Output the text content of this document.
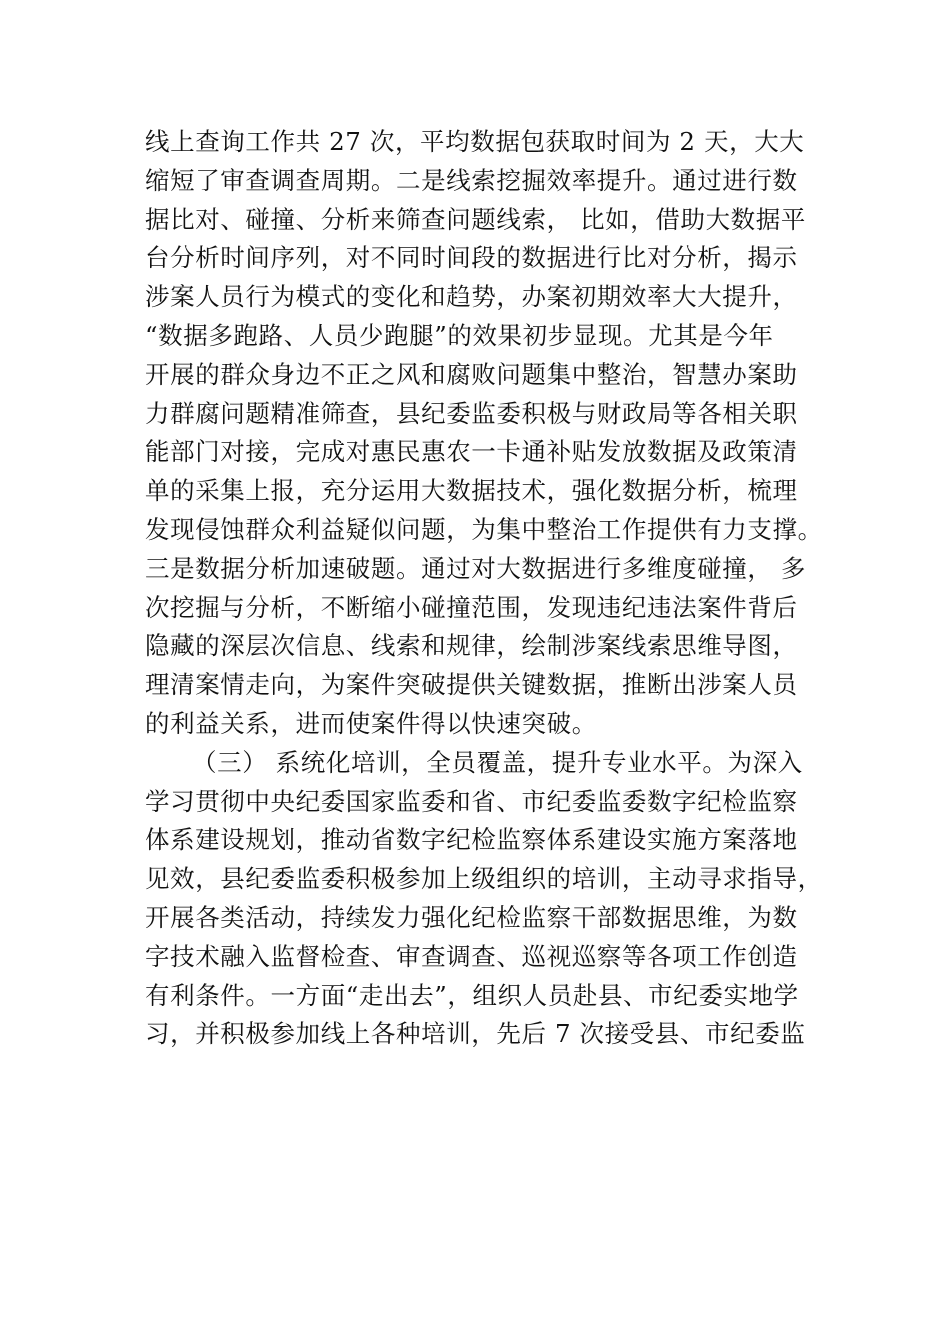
线上查询工作共 27 次，平均数据包获取时间为 2 天，大大
缩短了审查调查周期。二是线索挖掘效率提升。通过进行数
据比对、碰撞、分析来筛查问题线索， 比如，借助大数据平
台分析时间序列，对不同时间段的数据进行比对分析，揭示
涉案人员行为模式的变化和趋势，办案初期效率大大提升，
“数据多跑路、人员少跑腿”的效果初步显现。尤其是今年
开展的群众身边不正之风和腐败问题集中整治，智慧办案助
力群腐问题精准筛查，县纪委监委积极与财政局等各相关职
能部门对接，完成对惠民惠农一卡通补贴发放数据及政策清
单的采集上报，充分运用大数据技术，强化数据分析，梳理
发现侵蚀群众利益疑似问题，为集中整治工作提供有力支撑。
三是数据分析加速破题。通过对大数据进行多维度碰撞， 多
次挖掘与分析，不断缩小碰撞范围，发现违纪违法案件背后
隐藏的深层次信息、线索和规律，绘制涉案线索思维导图，
理清案情走向，为案件突破提供关键数据，推断出涉案人员
的利益关系，进而使案件得以快速突破。
（三） 系统化培训，全员覆盖，提升专业水平。为深入
学习贯彻中央纪委国家监委和省、市纪委监委数字纪检监察
体系建设规划，推动省数字纪检监察体系建设实施方案落地
见效，县纪委监委积极参加上级组织的培训，主动寻求指导，
开展各类活动，持续发力强化纪检监察干部数据思维，为数
字技术融入监督检查、审查调查、巡视巡察等各项工作创造
有利条件。一方面“走出去”，组织人员赴县、市纪委实地学
习，并积极参加线上各种培训，先后 7 次接受县、市纪委监
